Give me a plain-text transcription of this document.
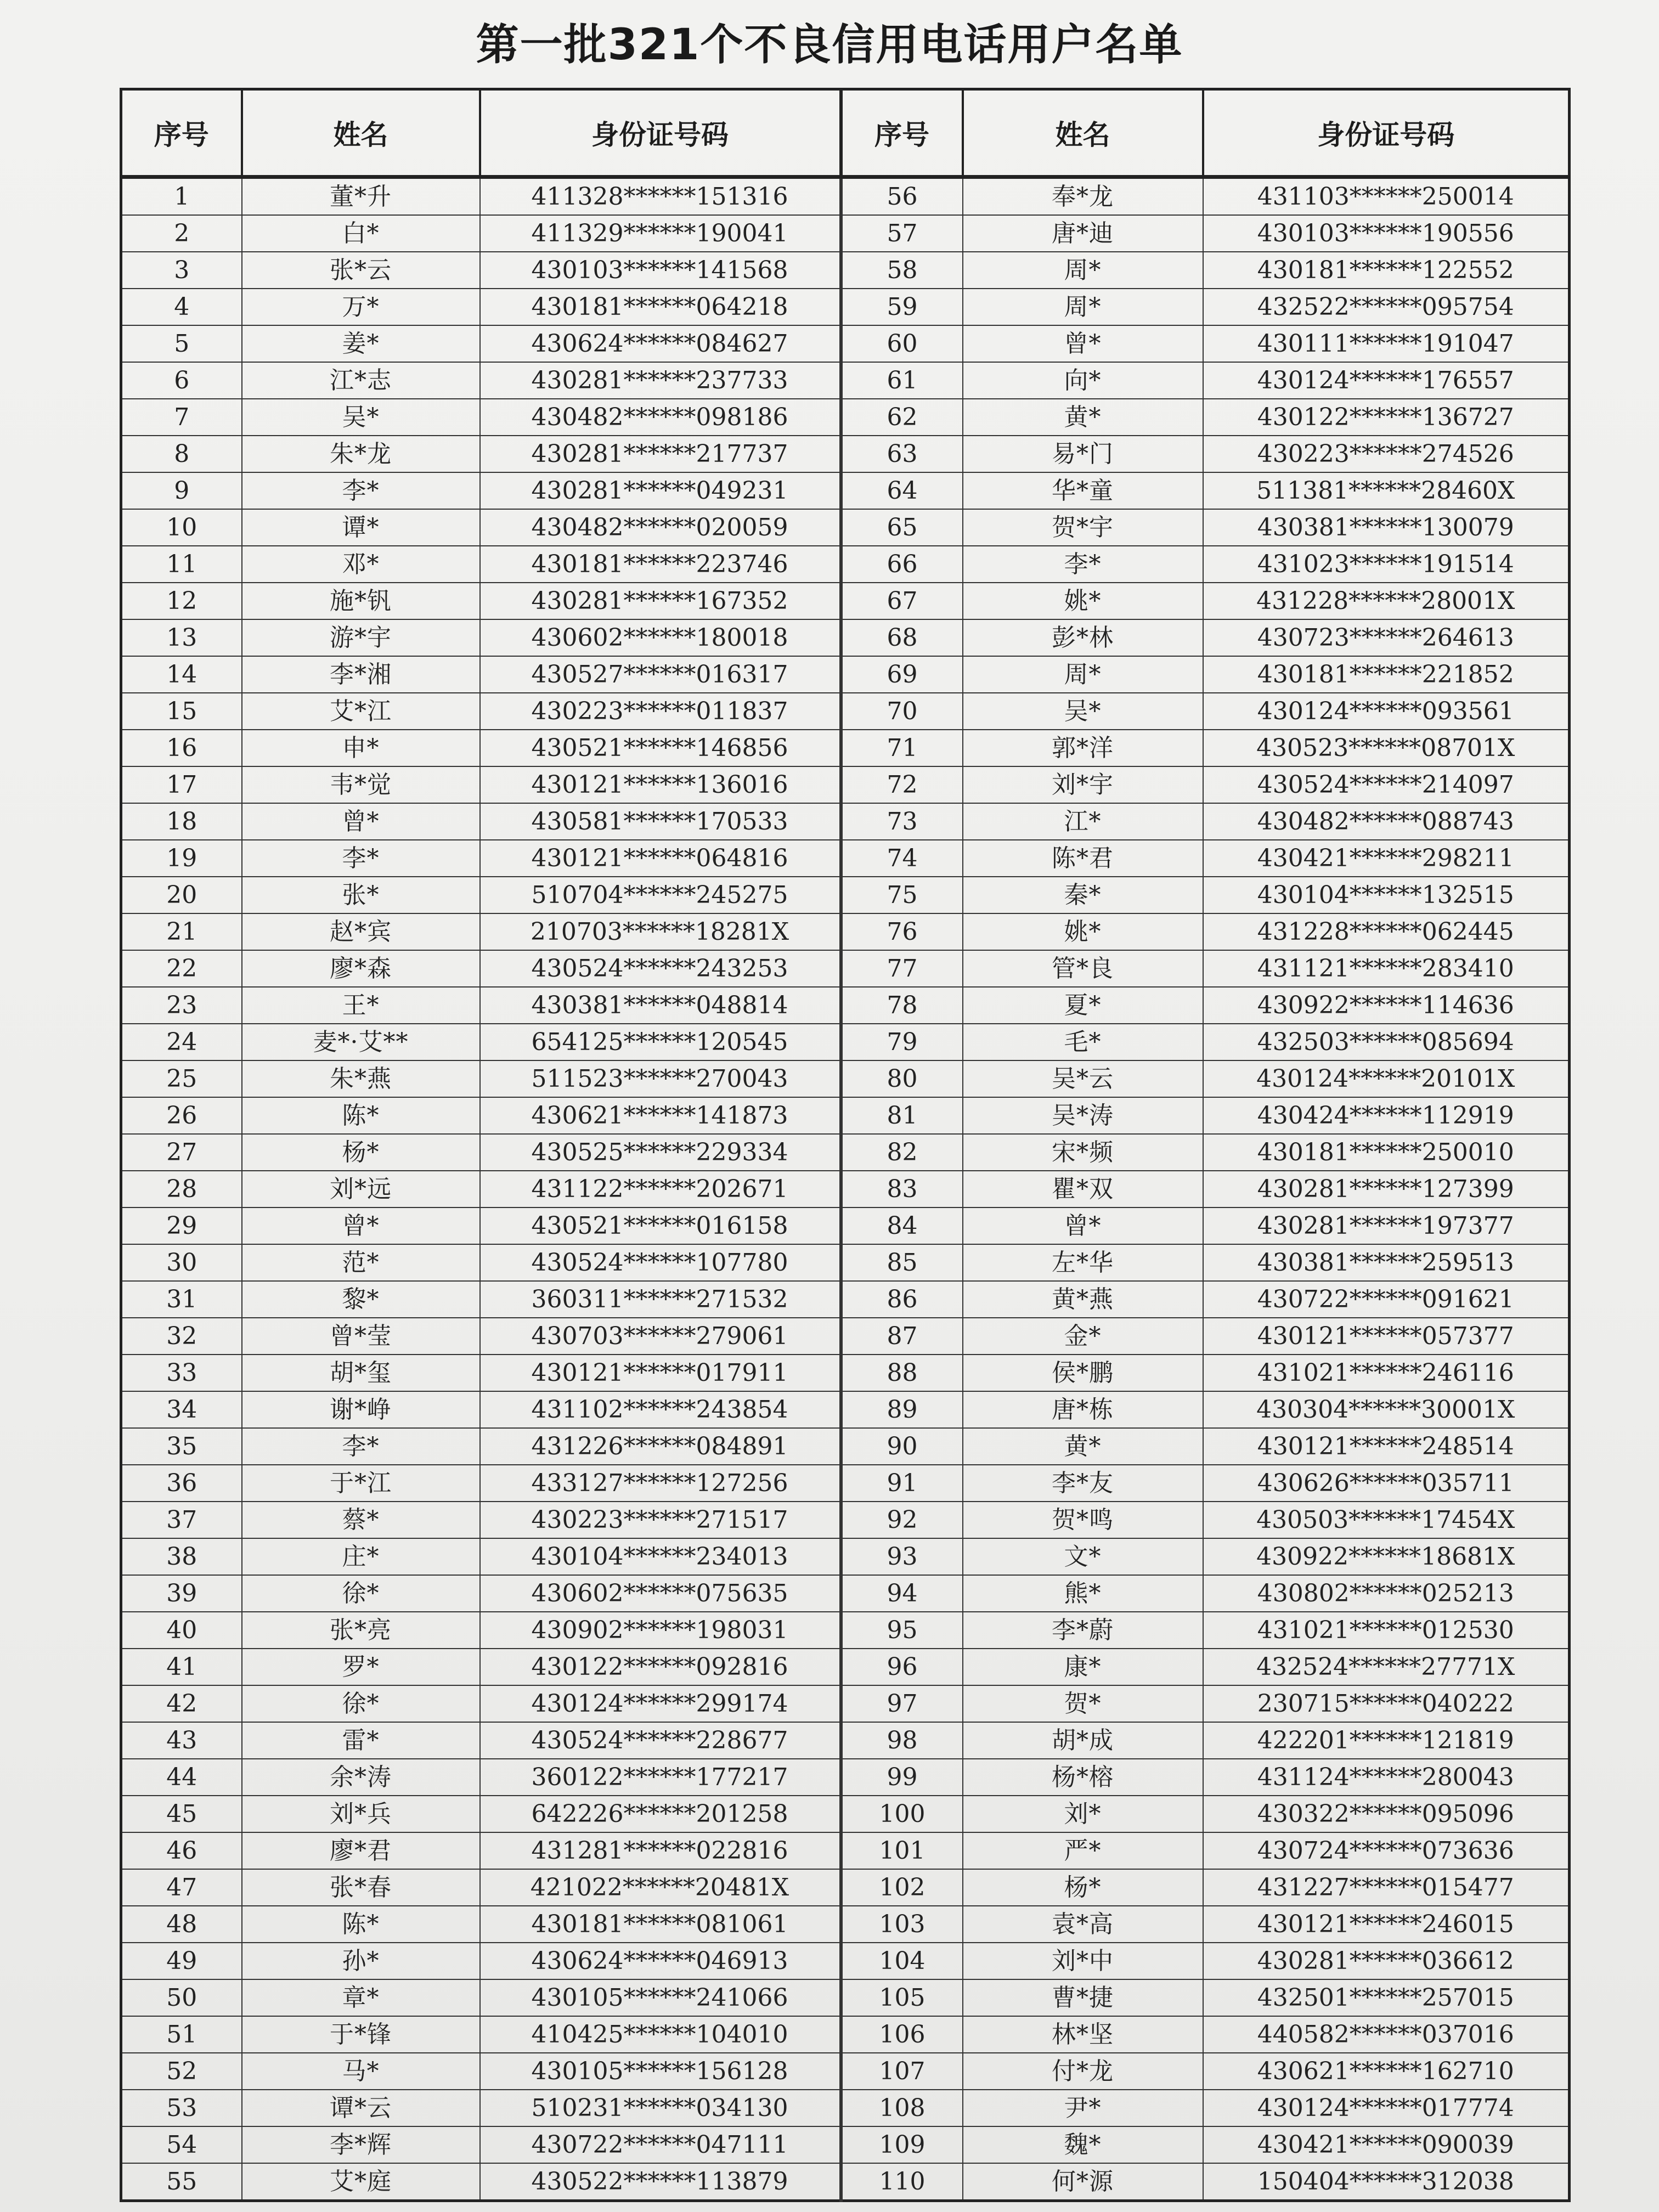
第一批321个不良信用电话用户名单
序号	姓名	身份证号码	序号	姓名	身份证号码
1	董*升	411328******151316	56	奉*龙	431103******250014
2	白*	411329******190041	57	唐*迪	430103******190556
3	张*云	430103******141568	58	周*	430181******122552
4	万*	430181******064218	59	周*	432522******095754
5	姜*	430624******084627	60	曾*	430111******191047
6	江*志	430281******237733	61	向*	430124******176557
7	吴*	430482******098186	62	黄*	430122******136727
8	朱*龙	430281******217737	63	易*门	430223******274526
9	李*	430281******049231	64	华*童	511381******28460X
10	谭*	430482******020059	65	贺*宇	430381******130079
11	邓*	430181******223746	66	李*	431023******191514
12	施*钒	430281******167352	67	姚*	431228******28001X
13	游*宇	430602******180018	68	彭*林	430723******264613
14	李*湘	430527******016317	69	周*	430181******221852
15	艾*江	430223******011837	70	吴*	430124******093561
16	申*	430521******146856	71	郭*洋	430523******08701X
17	韦*觉	430121******136016	72	刘*宇	430524******214097
18	曾*	430581******170533	73	江*	430482******088743
19	李*	430121******064816	74	陈*君	430421******298211
20	张*	510704******245275	75	秦*	430104******132515
21	赵*宾	210703******18281X	76	姚*	431228******062445
22	廖*森	430524******243253	77	管*良	431121******283410
23	王*	430381******048814	78	夏*	430922******114636
24	麦*·艾**	654125******120545	79	毛*	432503******085694
25	朱*燕	511523******270043	80	吴*云	430124******20101X
26	陈*	430621******141873	81	吴*涛	430424******112919
27	杨*	430525******229334	82	宋*频	430181******250010
28	刘*远	431122******202671	83	瞿*双	430281******127399
29	曾*	430521******016158	84	曾*	430281******197377
30	范*	430524******107780	85	左*华	430381******259513
31	黎*	360311******271532	86	黄*燕	430722******091621
32	曾*莹	430703******279061	87	金*	430121******057377
33	胡*玺	430121******017911	88	侯*鹏	431021******246116
34	谢*峥	431102******243854	89	唐*栋	430304******30001X
35	李*	431226******084891	90	黄*	430121******248514
36	于*江	433127******127256	91	李*友	430626******035711
37	蔡*	430223******271517	92	贺*鸣	430503******17454X
38	庄*	430104******234013	93	文*	430922******18681X
39	徐*	430602******075635	94	熊*	430802******025213
40	张*亮	430902******198031	95	李*蔚	431021******012530
41	罗*	430122******092816	96	康*	432524******27771X
42	徐*	430124******299174	97	贺*	230715******040222
43	雷*	430524******228677	98	胡*成	422201******121819
44	余*涛	360122******177217	99	杨*榕	431124******280043
45	刘*兵	642226******201258	100	刘*	430322******095096
46	廖*君	431281******022816	101	严*	430724******073636
47	张*春	421022******20481X	102	杨*	431227******015477
48	陈*	430181******081061	103	袁*高	430121******246015
49	孙*	430624******046913	104	刘*中	430281******036612
50	章*	430105******241066	105	曹*捷	432501******257015
51	于*锋	410425******104010	106	林*坚	440582******037016
52	马*	430105******156128	107	付*龙	430621******162710
53	谭*云	510231******034130	108	尹*	430124******017774
54	李*辉	430722******047111	109	魏*	430421******090039
55	艾*庭	430522******113879	110	何*源	150404******312038
